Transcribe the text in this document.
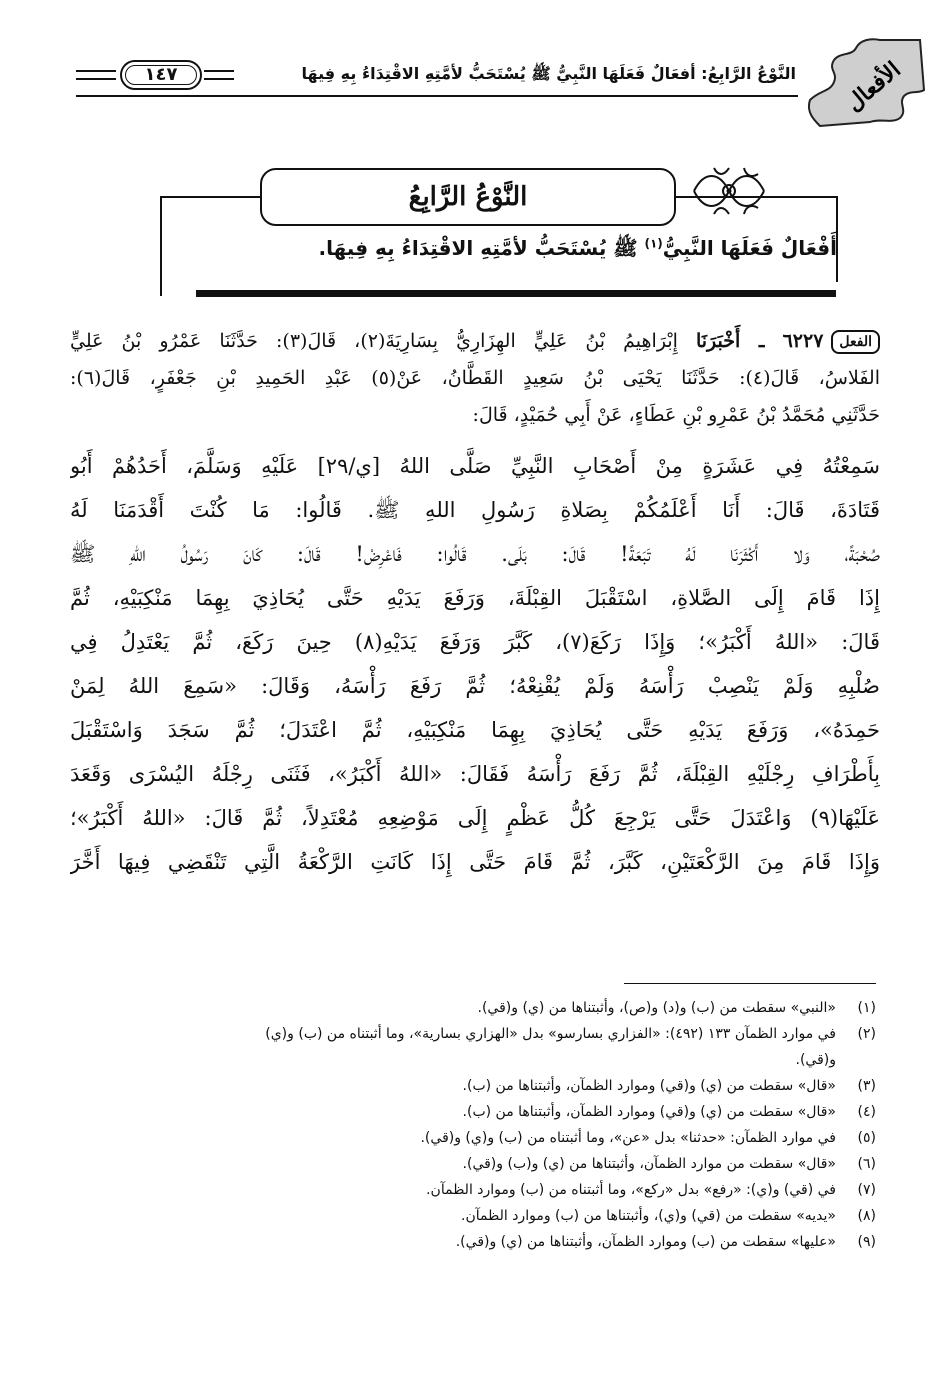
١٤٧	النَّوْعُ الرَّابِعُ: أفعَالٌ فَعَلَهَا النَّبِيُّ ﷺ يُسْتَحَبُّ لأمَّتِهِ الاقْتِدَاءُ بِهِ فِيهَا الأفعال
النَّوْعُ الرَّابِعُ
أَفْعَالٌ فَعَلَهَا النَّبِيُّ$^{(١)}$ ﷺ يُسْتَحَبُّ لأمَّتِهِ الاقْتِدَاءُ بِهِ فِيهَا.
الفعل٦٢٢٧ ـ أَخْبَرَنَا إِبْرَاهِيمُ بْنُ عَلِيٍّ الهِزَارِيُّ بِسَارِيَةَ(٢)، قَالَ(٣): حَدَّثَنَا عَمْرُو بْنُ عَلِيٍّ
الفَلاسُ، قَالَ(٤): حَدَّثَنَا يَحْيَى بْنُ سَعِيدٍ القَطَّانُ، عَنْ(٥) عَبْدِ الحَمِيدِ بْنِ جَعْفَرٍ، قَالَ(٦):
حَدَّثَنِي مُحَمَّدُ بْنُ عَمْرِو بْنِ عَطَاءٍ، عَنْ أَبِي حُمَيْدٍ، قَالَ:
سَمِعْتُهُ فِي عَشَرَةٍ مِنْ أَصْحَابِ النَّبِيِّ صَلَّى اللهُ [ي/٢٩] عَلَيْهِ وَسَلَّمَ، أَحَدُهُمْ أَبُو
قَتَادَةَ، قَالَ: أَنَا أَعْلَمُكُمْ بِصَلاةِ رَسُولِ اللهِ ﷺ. قَالُوا: مَا كُنْتَ أَقْدَمَنَا لَهُ
صُحْبَةً، وَلا أَكْثَرَنَا لَهُ تَبَعَةً! قَالَ: بَلَى. قَالُوا: فَاعْرِضْ! قَالَ: كَانَ رَسُولُ اللهِ ﷺ
إِذَا قَامَ إِلَى الصَّلاةِ، اسْتَقْبَلَ القِبْلَةَ، وَرَفَعَ يَدَيْهِ حَتَّى يُحَاذِيَ بِهِمَا مَنْكِبَيْهِ، ثُمَّ
قَالَ: «اللهُ أَكْبَرُ»؛ وَإِذَا رَكَعَ(٧)، كَبَّرَ وَرَفَعَ يَدَيْهِ(٨) حِينَ رَكَعَ، ثُمَّ يَعْتَدِلُ فِي
صُلْبِهِ وَلَمْ يَنْصِبْ رَأْسَهُ وَلَمْ يُقْنِعْهُ؛ ثُمَّ رَفَعَ رَأْسَهُ، وَقَالَ: «سَمِعَ اللهُ لِمَنْ
حَمِدَهُ»، وَرَفَعَ يَدَيْهِ حَتَّى يُحَاذِيَ بِهِمَا مَنْكِبَيْهِ، ثُمَّ اعْتَدَلَ؛ ثُمَّ سَجَدَ وَاسْتَقْبَلَ
بِأَطْرَافِ رِجْلَيْهِ القِبْلَةَ، ثُمَّ رَفَعَ رَأْسَهُ فَقَالَ: «اللهُ أَكْبَرُ»، فَثَنَى رِجْلَهُ اليُسْرَى وَقَعَدَ
عَلَيْهَا(٩) وَاعْتَدَلَ حَتَّى يَرْجِعَ كُلُّ عَظْمٍ إِلَى مَوْضِعِهِ مُعْتَدِلاً، ثُمَّ قَالَ: «اللهُ أَكْبَرُ»؛
وَإِذَا قَامَ مِنَ الرَّكْعَتَيْنِ، كَبَّرَ، ثُمَّ قَامَ حَتَّى إِذَا كَانَتِ الرَّكْعَةُ الَّتِي تَنْقَضِي فِيهَا أَخَّرَ
(١)
«النبي» سقطت من (ب) و(د) و(ص)، وأثبتناها من (ي) و(قي).
(٢)
في موارد الظمآن ١٣٣ (٤٩٢): «الفزاري بسارسو» بدل «الهزاري بسارية»، وما أثبتناه من (ب) و(ي)
و(قي).
(٣)
«قال» سقطت من (ي) و(قي) وموارد الظمآن، وأثبتناها من (ب).
(٤)
«قال» سقطت من (ي) و(قي) وموارد الظمآن، وأثبتناها من (ب).
(٥)
في موارد الظمآن: «حدثنا» بدل «عن»، وما أثبتناه من (ب) و(ي) و(قي).
(٦)
«قال» سقطت من موارد الظمآن، وأثبتناها من (ي) و(ب) و(قي).
(٧)
في (قي) و(ي): «رفع» بدل «ركع»، وما أثبتناه من (ب) وموارد الظمآن.
(٨)
«يديه» سقطت من (قي) و(ي)، وأثبتناها من (ب) وموارد الظمآن.
(٩)
«عليها» سقطت من (ب) وموارد الظمآن، وأثبتناها من (ي) و(قي).
